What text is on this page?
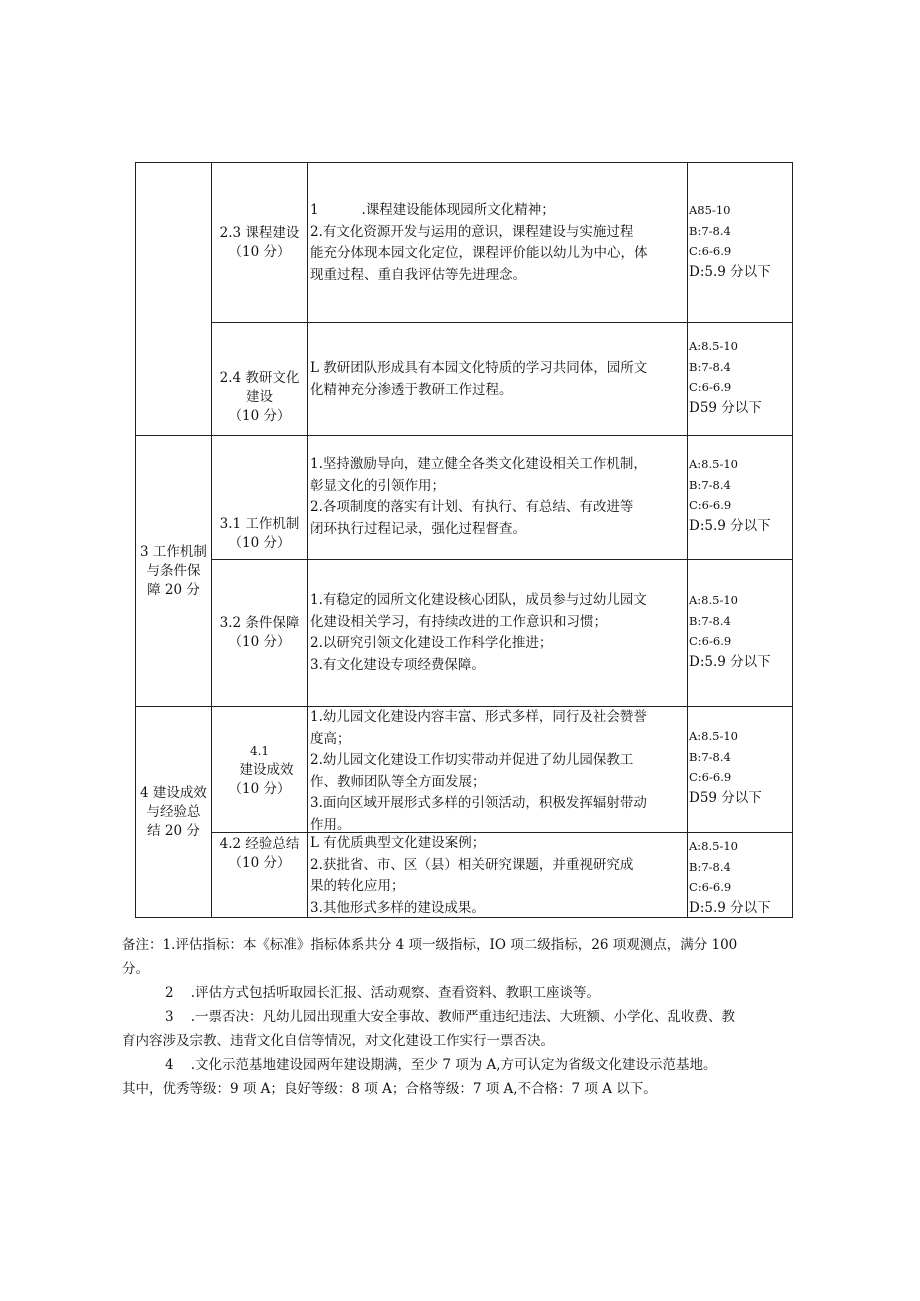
3 工作机制
与条件保
障 20 分
4 建设成效
与经验总
结 20 分
2.3 课程建设
（10 分）

1          .课程建设能体现园所文化精神；

2.有文化资源开发与运用的意识，课程建设与实施过程

能充分体现本园文化定位，课程评价能以幼儿为中心，体

现重过程、重自我评估等先进理念。

A85-10

B:7-8.4

C:6-6.9

D:5.9 分以下

2.4 教研文化
建设
（10 分）

L 教研团队形成具有本园文化特质的学习共同体，园所文

化精神充分渗透于教研工作过程。

A:8.5-10

B:7-8.4

C:6-6.9

D59 分以下

3.1 工作机制
（10 分）

1.坚持激励导向，建立健全各类文化建设相关工作机制，

彰显文化的引领作用；

2.各项制度的落实有计划、有执行、有总结、有改进等

闭环执行过程记录，强化过程督查。

A:8.5-10

B:7-8.4

C:6-6.9

D:5.9 分以下

3.2 条件保障
（10 分）

1.有稳定的园所文化建设核心团队，成员参与过幼儿园文

化建设相关学习，有持续改进的工作意识和习惯；

2.以研究引领文化建设工作科学化推进；

3.有文化建设专项经费保障。

A:8.5-10

B:7-8.4

C:6-6.9

D:5.9 分以下

4.1
建设成效
（10 分）

1.幼儿园文化建设内容丰富、形式多样，同行及社会赞誉

度高；

2.幼儿园文化建设工作切实带动并促进了幼儿园保教工

作、教师团队等全方面发展；

3.面向区域开展形式多样的引领活动，积极发挥辐射带动

作用。

A:8.5-10

B:7-8.4

C:6-6.9

D59 分以下

4.2 经验总结
（10 分）

L 有优质典型文化建设案例；

2.获批省、市、区（县）相关研究课题，并重视研究成

果的转化应用；

3.其他形式多样的建设成果。

A:8.5-10

B:7-8.4

C:6-6.9

D:5.9 分以下

备注：1.评估指标：本《标准》指标体系共分 4 项一级指标，IO 项二级指标，26 项观测点，满分 100

分。

2    .评估方式包括听取园长汇报、活动观察、查看资料、教职工座谈等。

3    .一票否决：凡幼儿园出现重大安全事故、教师严重违纪违法、大班额、小学化、乱收费、教

育内容涉及宗教、违背文化自信等情况，对文化建设工作实行一票否决。

4    .文化示范基地建设园两年建设期满，至少 7 项为 A,方可认定为省级文化建设示范基地。

其中，优秀等级：9 项 A；良好等级：8 项 A；合格等级：7 项 A,不合格：7 项 A 以下。
